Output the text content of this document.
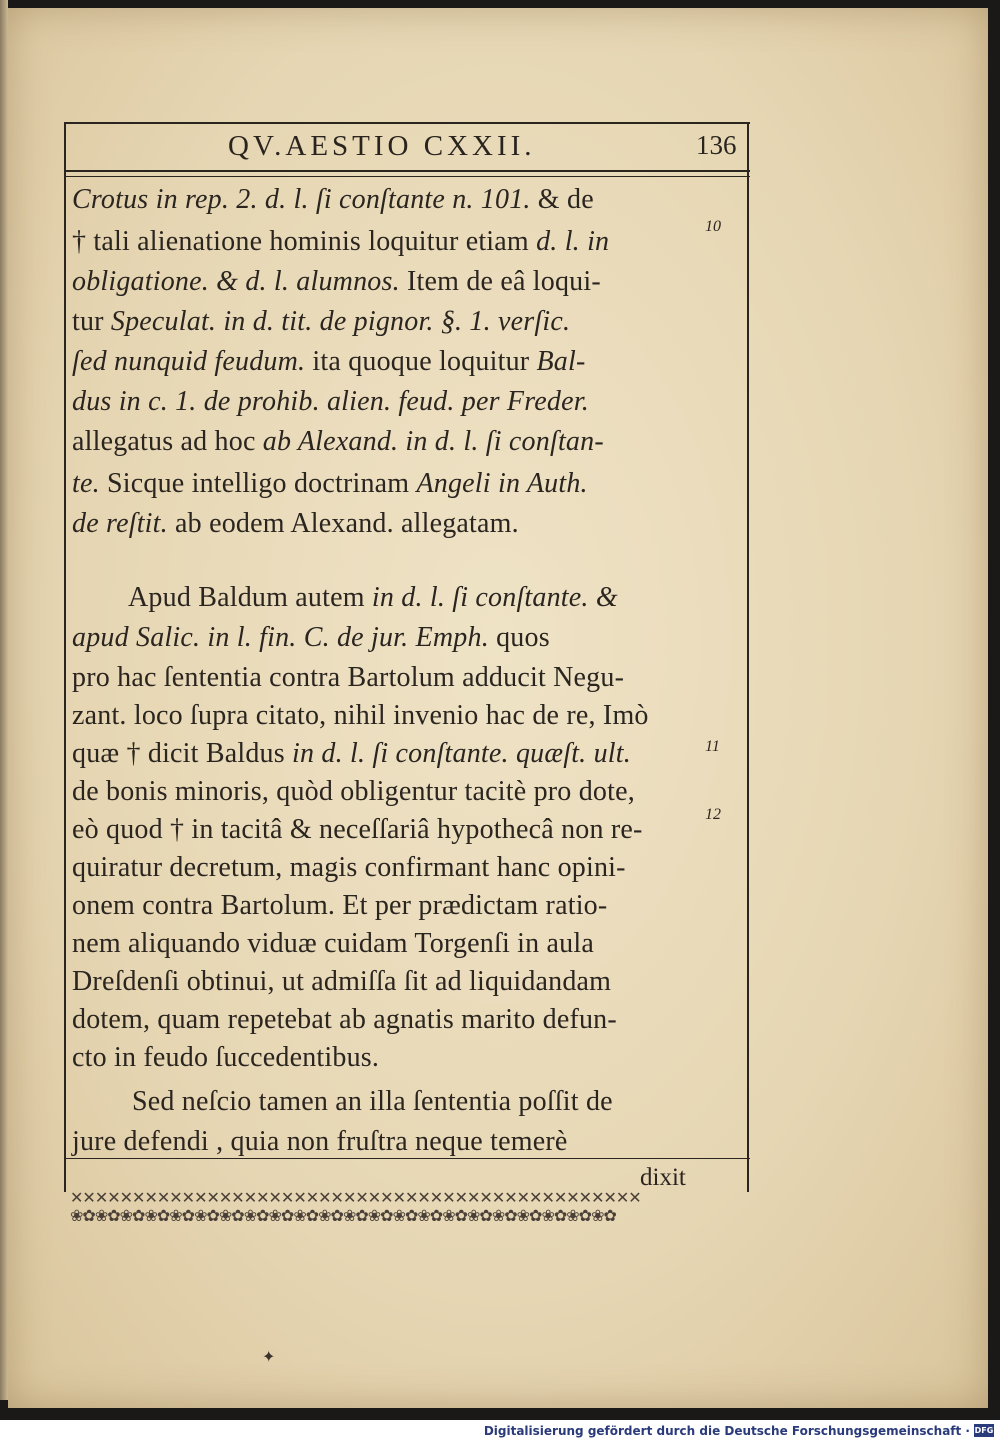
QV.AESTIO CXXII.	136
Crotus in rep. 2. d. l. ſi conſtante n. 101. & de
† tali alienatione hominis loquitur etiam d. l. in
obligatione. & d. l. alumnos. Item de eâ loqui-
tur Speculat. in d. tit. de pignor. §. 1. verſic.
ſed nunquid feudum. ita quoque loquitur Bal-
dus in c. 1. de prohib. alien. feud. per Freder.
allegatus ad hoc ab Alexand. in d. l. ſi conſtan-
te. Sicque intelligo doctrinam Angeli in Auth.
de reſtit. ab eodem Alexand. allegatam.
Apud Baldum autem in d. l. ſi conſtante. &
apud Salic. in l. fin. C. de jur. Emph. quos
pro hac ſententia contra Bartolum adducit Negu-
zant. loco ſupra citato, nihil invenio hac de re, Imò
quæ † dicit Baldus in d. l. ſi conſtante. quæſt. ult.
de bonis minoris, quòd obligentur tacitè pro dote,
eò quod † in tacitâ & neceſſariâ hypothecâ non re-
quiratur decretum, magis confirmant hanc opini-
onem contra Bartolum. Et per prædictam ratio-
nem aliquando viduæ cuidam Torgenſi in aula
Dreſdenſi obtinui, ut admiſſa ſit ad liquidandam
dotem, quam repetebat ab agnatis marito defun-
cto in feudo ſuccedentibus.
Sed neſcio tamen an illa ſententia poſſit de
jure defendi , quia non fruſtra neque temerè
10
11
12
dixit
✕✕✕✕✕✕✕✕✕✕✕✕✕✕✕✕✕✕✕✕✕✕✕✕✕✕✕✕✕✕✕✕✕✕✕✕✕✕✕✕✕✕✕✕✕✕
❀✿❀✿❀✿❀✿❀✿❀✿❀✿❀✿❀✿❀✿❀✿❀✿❀✿❀✿❀✿❀✿❀✿❀✿❀✿❀✿❀✿❀✿
✦
Digitalisierung gefördert durch die Deutsche Forschungsgemeinschaft · DFG
